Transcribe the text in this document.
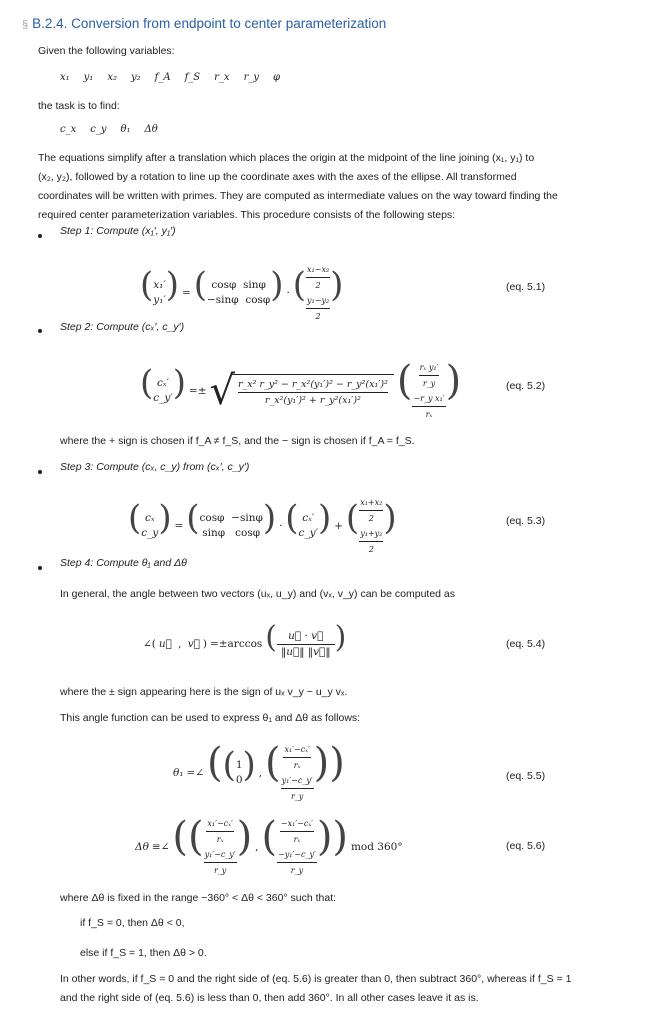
§ B.2.4. Conversion from endpoint to center parameterization
Given the following variables:
x₁ y₁ x₂ y₂ f_A f_S r_x r_y φ
the task is to find:
c_x c_y θ₁ Δθ
The equations simplify after a translation which places the origin at the midpoint of the line joining (x₁, y₁) to
(x₂, y₂), followed by a rotation to line up the coordinate axes with the axes of the ellipse. All transformed
coordinates will be written with primes. They are computed as intermediate values on the way toward finding the
required center parameterization variables. This procedure consists of the following steps:
Step 1: Compute (x₁′, y₁′)
(x₁′
y₁′) = ( cosφ sinφ
−sinφ cosφ) · ( $\frac{\text{x₁−x₂}}{2}$

$\frac{\text{y₁−y₂}}{2}$
)	(eq. 5.1)
Step 2: Compute (cₓ′, c_y′)
( cₓ′
c_y′) =± √
$\frac{\text{r\_x² r\_y² − r\_x²(y₁′)² − r\_y²(x₁′)²}}{\text{r\_x²(y₁′)² + r\_y²(x₁′)²}}$ ( $\frac{\text{rₓ y₁′}}{r\_y}$

$\frac{\text{−r\_y x₁′}}{\text{rₓ}}$
)	(eq. 5.2)
where the + sign is chosen if f_A ≠ f_S, and the − sign is chosen if f_A = f_S.
Step 3: Compute (cₓ, c_y) from (cₓ′, c_y′)
( cₓ
c_y) = (cosφ −sinφ
sinφ cosφ) · ( cₓ′
c_y′) + ( $\frac{\text{x₁+x₂}}{2}$

$\frac{\text{y₁+y₂}}{2}$
)	(eq. 5.3)
Step 4: Compute θ₁ and Δθ
In general, the angle between two vectors (uₓ, u_y) and (vₓ, v_y) can be computed as
∠( u⃗  ,  v⃗ ) =±arccos ( $\frac{u⃗ \cdot v⃗}{‖u⃗‖ ‖v⃗‖}$ )	(eq. 5.4)
where the ± sign appearing here is the sign of uₓ v_y − u_y vₓ.
This angle function can be used to express θ₁ and Δθ as follows:
θ₁ =∠ ((1
0) , ( $\frac{\text{x₁′−cₓ′}}{\text{rₓ}}$

$\frac{\text{y₁′−c\_y′}}{r\_y}$
))	(eq. 5.5)
Δθ ≡∠ (( $\frac{\text{x₁′−cₓ′}}{\text{rₓ}}$

$\frac{\text{y₁′−c\_y′}}{r\_y}$
) , ( $\frac{\text{−x₁′−cₓ′}}{\text{rₓ}}$

$\frac{\text{−y₁′−c\_y′}}{r\_y}$
)) mod 360°	(eq. 5.6)
where Δθ is fixed in the range −360° < Δθ < 360° such that:
if f_S = 0, then Δθ < 0,
else if f_S = 1, then Δθ > 0.
In other words, if f_S = 0 and the right side of (eq. 5.6) is greater than 0, then subtract 360°, whereas if f_S = 1
and the right side of (eq. 5.6) is less than 0, then add 360°. In all other cases leave it as is.
